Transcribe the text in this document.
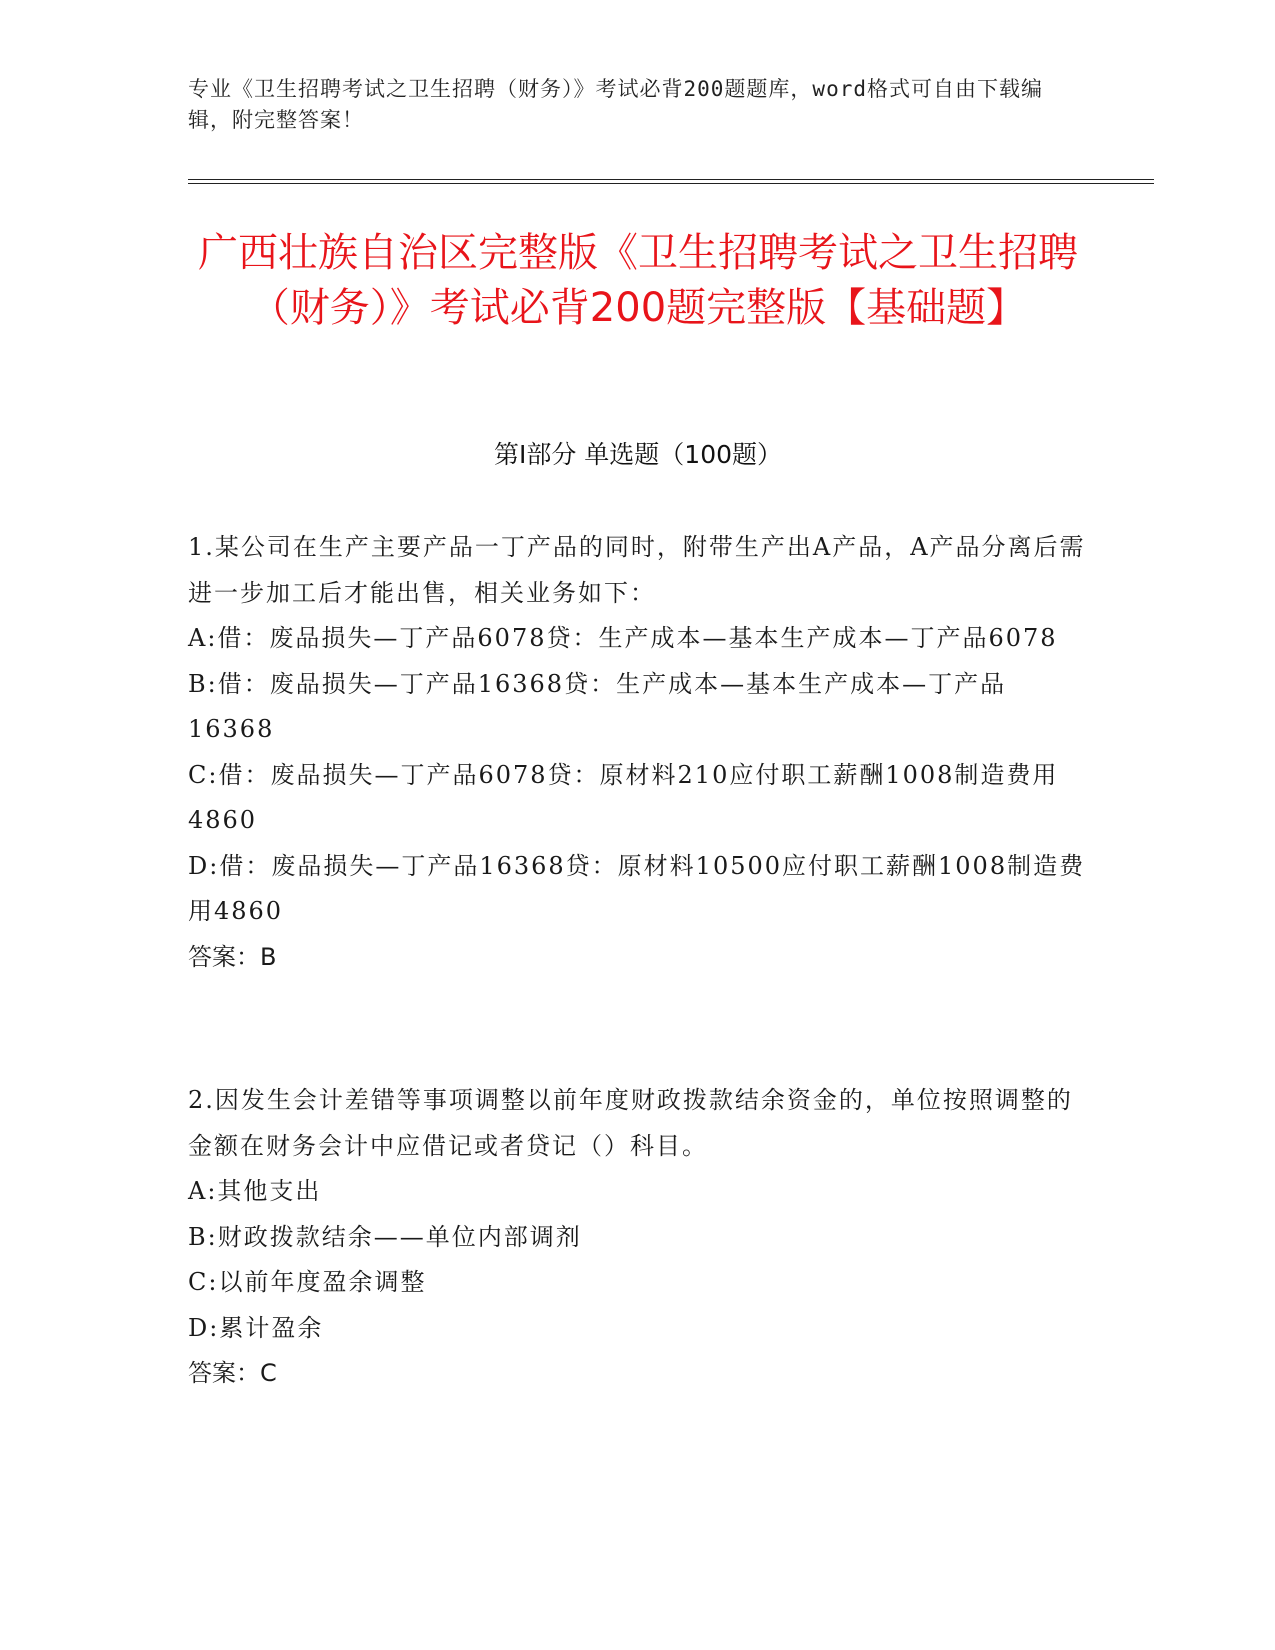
专业《卫生招聘考试之卫生招聘（财务）》考试必背200题题库，word格式可自由下载编辑，附完整答案！
广西壮族自治区完整版《卫生招聘考试之卫生招聘（财务）》考试必背200题完整版【基础题】
第I部分 单选题（100题）
1.某公司在生产主要产品一丁产品的同时，附带生产出A产品，A产品分离后需进一步加工后才能出售，相关业务如下：
A:借：废品损失—丁产品6078贷：生产成本—基本生产成本—丁产品6078
B:借：废品损失—丁产品16368贷：生产成本—基本生产成本—丁产品16368
C:借：废品损失—丁产品6078贷：原材料210应付职工薪酬1008制造费用4860
D:借：废品损失—丁产品16368贷：原材料10500应付职工薪酬1008制造费用4860
答案：B
2.因发生会计差错等事项调整以前年度财政拨款结余资金的，单位按照调整的金额在财务会计中应借记或者贷记（）科目。
A:其他支出
B:财政拨款结余——单位内部调剂
C:以前年度盈余调整
D:累计盈余
答案：C
